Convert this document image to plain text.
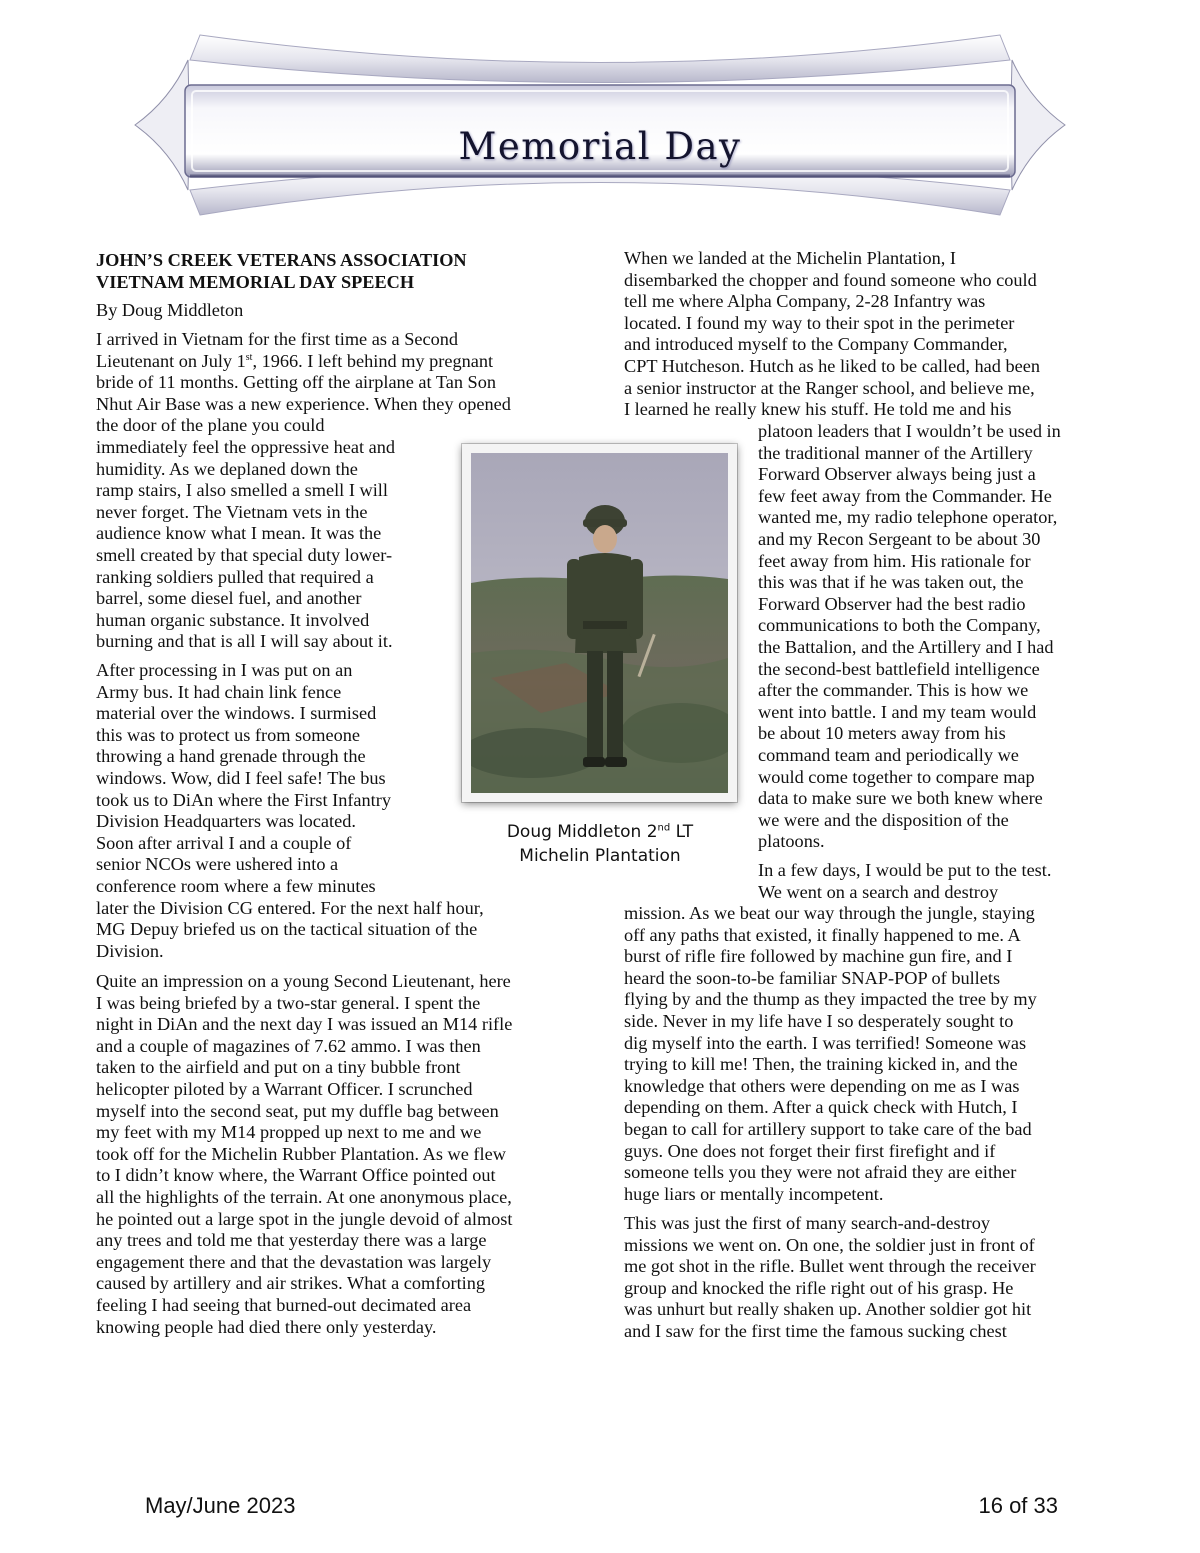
Memorial Day
JOHN’S CREEK VETERANS ASSOCIATION
VIETNAM MEMORIAL DAY SPEECH
By Doug Middleton
I arrived in Vietnam for the first time as a Second
Lieutenant on July 1st, 1966. I left behind my pregnant
bride of 11 months. Getting off the airplane at Tan Son
Nhut Air Base was a new experience. When they opened
the door of the plane you could
immediately feel the oppressive heat and
humidity. As we deplaned down the
ramp stairs, I also smelled a smell I will
never forget. The Vietnam vets in the
audience know what I mean. It was the
smell created by that special duty lower-
ranking soldiers pulled that required a
barrel, some diesel fuel, and another
human organic substance. It involved
burning and that is all I will say about it.
After processing in I was put on an
Army bus. It had chain link fence
material over the windows. I surmised
this was to protect us from someone
throwing a hand grenade through the
windows. Wow, did I feel safe! The bus
took us to DiAn where the First Infantry
Division Headquarters was located.
Soon after arrival I and a couple of
senior NCOs were ushered into a
conference room where a few minutes
later the Division CG entered. For the next half hour,
MG Depuy briefed us on the tactical situation of the
Division.
Quite an impression on a young Second Lieutenant, here
I was being briefed by a two-star general. I spent the
night in DiAn and the next day I was issued an M14 rifle
and a couple of magazines of 7.62 ammo. I was then
taken to the airfield and put on a tiny bubble front
helicopter piloted by a Warrant Officer. I scrunched
myself into the second seat, put my duffle bag between
my feet with my M14 propped up next to me and we
took off for the Michelin Rubber Plantation. As we flew
to I didn’t know where, the Warrant Office pointed out
all the highlights of the terrain. At one anonymous place,
he pointed out a large spot in the jungle devoid of almost
any trees and told me that yesterday there was a large
engagement there and that the devastation was largely
caused by artillery and air strikes. What a comforting
feeling I had seeing that burned-out decimated area
knowing people had died there only yesterday.
Doug Middleton 2nd LT
Michelin Plantation
When we landed at the Michelin Plantation, I
disembarked the chopper and found someone who could
tell me where Alpha Company, 2-28 Infantry was
located. I found my way to their spot in the perimeter
and introduced myself to the Company Commander,
CPT Hutcheson. Hutch as he liked to be called, had been
a senior instructor at the Ranger school, and believe me,
I learned he really knew his stuff. He told me and his
platoon leaders that I wouldn’t be used in
the traditional manner of the Artillery
Forward Observer always being just a
few feet away from the Commander. He
wanted me, my radio telephone operator,
and my Recon Sergeant to be about 30
feet away from him. His rationale for
this was that if he was taken out, the
Forward Observer had the best radio
communications to both the Company,
the Battalion, and the Artillery and I had
the second-best battlefield intelligence
after the commander. This is how we
went into battle. I and my team would
be about 10 meters away from his
command team and periodically we
would come together to compare map
data to make sure we both knew where
we were and the disposition of the
platoons.
In a few days, I would be put to the test.
We went on a search and destroy
mission. As we beat our way through the jungle, staying
off any paths that existed, it finally happened to me. A
burst of rifle fire followed by machine gun fire, and I
heard the soon-to-be familiar SNAP-POP of bullets
flying by and the thump as they impacted the tree by my
side. Never in my life have I so desperately sought to
dig myself into the earth. I was terrified! Someone was
trying to kill me! Then, the training kicked in, and the
knowledge that others were depending on me as I was
depending on them. After a quick check with Hutch, I
began to call for artillery support to take care of the bad
guys. One does not forget their first firefight and if
someone tells you they were not afraid they are either
huge liars or mentally incompetent.
This was just the first of many search-and-destroy
missions we went on. On one, the soldier just in front of
me got shot in the rifle. Bullet went through the receiver
group and knocked the rifle right out of his grasp. He
was unhurt but really shaken up. Another soldier got hit
and I saw for the first time the famous sucking chest
May/June 2023	16 of 33
